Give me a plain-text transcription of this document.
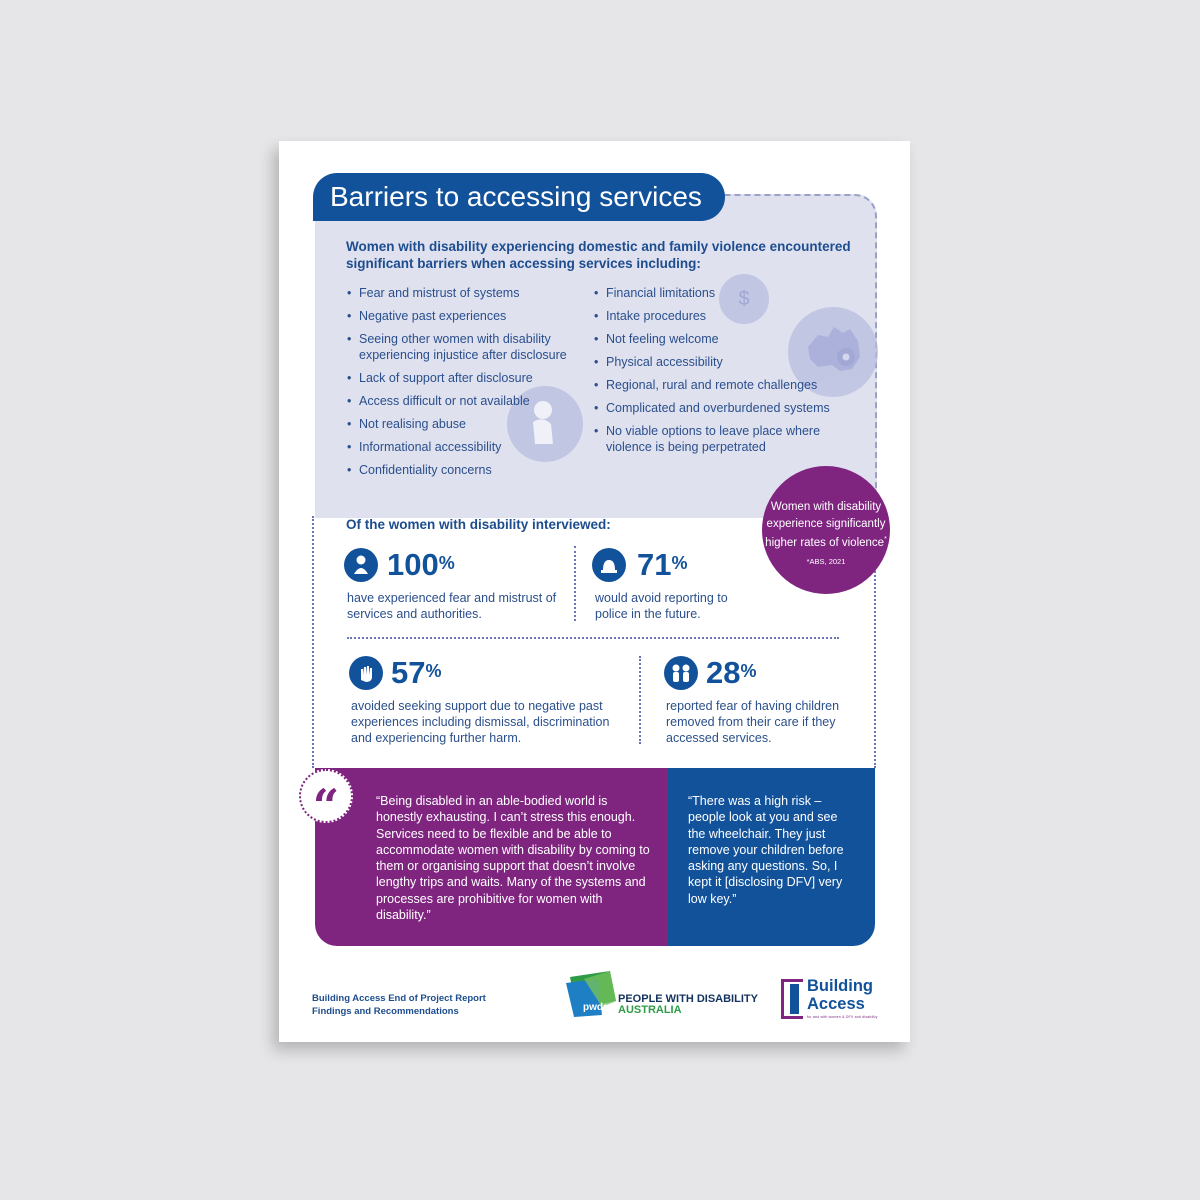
Barriers to accessing services
Women with disability experiencing domestic and family violence encountered significant barriers when accessing services including:
$
• Fear and mistrust of systems
• Negative past experiences
• Seeing other women with disability experiencing injustice after disclosure
• Lack of support after disclosure
• Access difficult or not available
• Not realising abuse
• Informational accessibility
• Confidentiality concerns
• Financial limitations
• Intake procedures
• Not feeling welcome
• Physical accessibility
• Regional, rural and remote challenges
• Complicated and overburdened systems
• No viable options to leave place where violence is being perpetrated
Of the women with disability interviewed:
Women with disability experience significantly higher rates of violence*
*ABS, 2021
100%
have experienced fear and mistrust of services and authorities.
71%
would avoid reporting to police in the future.
57%
avoided seeking support due to negative past experiences including dismissal, discrimination and experiencing further harm.
28%
reported fear of having children removed from their care if they accessed services.
“	“Being disabled in an able-bodied world is honestly exhausting. I can’t stress this enough. Services need to be flexible and be able to accommodate women with disability by coming to them or organising support that doesn’t involve lengthy trips and waits. Many of the systems and processes are prohibitive for women with disability.”
“There was a high risk – people look at you and see the wheelchair. They just remove your children before asking any questions. So, I kept it [disclosing DFV] very low key.”
Building Access End of Project Report
Findings and Recommendations	pwda
PEOPLE WITH DISABILITY
AUSTRALIA
Building
Access
for and with women & DFV and disability
